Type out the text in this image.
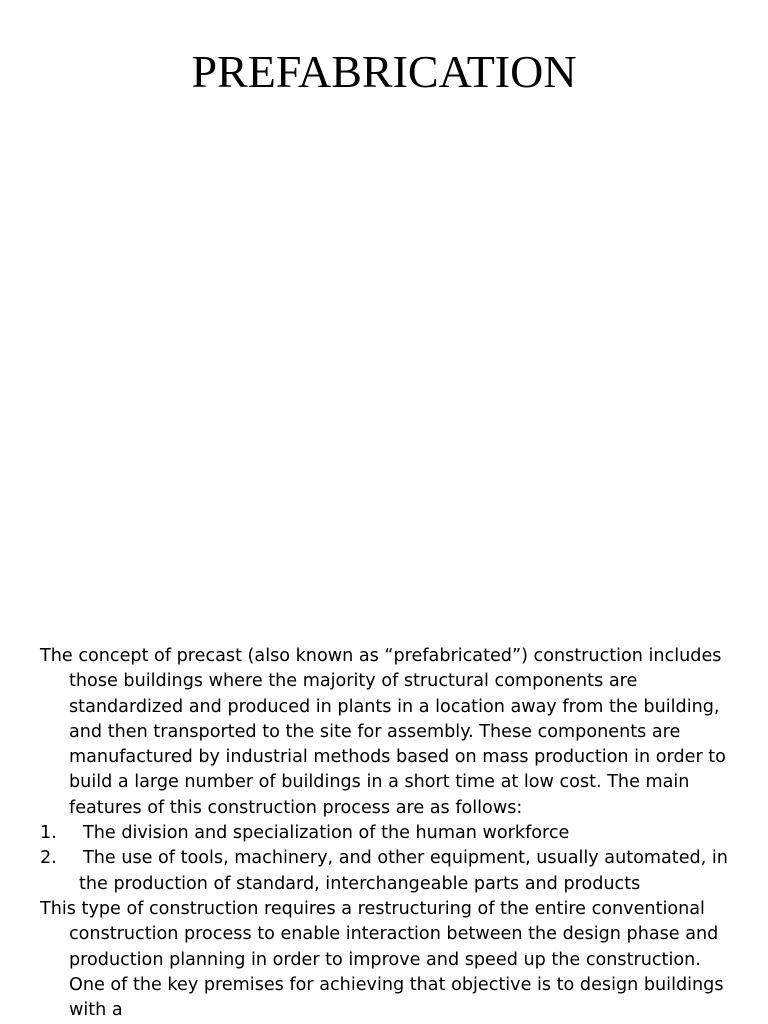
PREFABRICATION

The concept of precast (also known as “prefabricated”) construction includes those buildings where the majority of structural components are standardized and produced in plants in a location away from the building, and then transported to the site for assembly. These components are manufactured by industrial methods based on mass production in order to build a large number of buildings in a short time at low cost. The main features of this construction process are as follows:

1.	The division and specialization of the human workforce
2.	The use of tools, machinery, and other equipment, usually automated, in the production of standard, interchangeable parts and products

This type of construction requires a restructuring of the entire conventional construction process to enable interaction between the design phase and production planning in order to improve and speed up the construction. One of the key premises for achieving that objective is to design buildings with a
